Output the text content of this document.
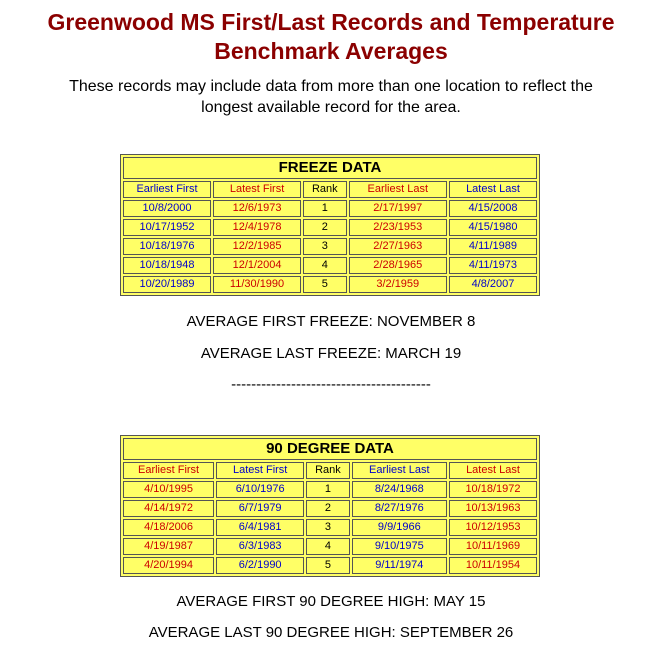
Greenwood MS First/Last Records and Temperature
Benchmark Averages
These records may include data from more than one location to reflect the
longest available record for the area.
FREEZE DATA				
Earliest First	Latest First	Rank	Earliest Last	Latest Last
10/8/2000	12/6/1973	1	2/17/1997	4/15/2008
10/17/1952	12/4/1978	2	2/23/1953	4/15/1980
10/18/1976	12/2/1985	3	2/27/1963	4/11/1989
10/18/1948	12/1/2004	4	2/28/1965	4/11/1973
10/20/1989	11/30/1990	5	3/2/1959	4/8/2007
AVERAGE FIRST FREEZE: NOVEMBER 8
AVERAGE LAST FREEZE: MARCH 19
----------------------------------------
90 DEGREE DATA				
Earliest First	Latest First	Rank	Earliest Last	Latest Last
4/10/1995	6/10/1976	1	8/24/1968	10/18/1972
4/14/1972	6/7/1979	2	8/27/1976	10/13/1963
4/18/2006	6/4/1981	3	9/9/1966	10/12/1953
4/19/1987	6/3/1983	4	9/10/1975	10/11/1969
4/20/1994	6/2/1990	5	9/11/1974	10/11/1954
AVERAGE FIRST 90 DEGREE HIGH: MAY 15
AVERAGE LAST 90 DEGREE HIGH: SEPTEMBER 26
